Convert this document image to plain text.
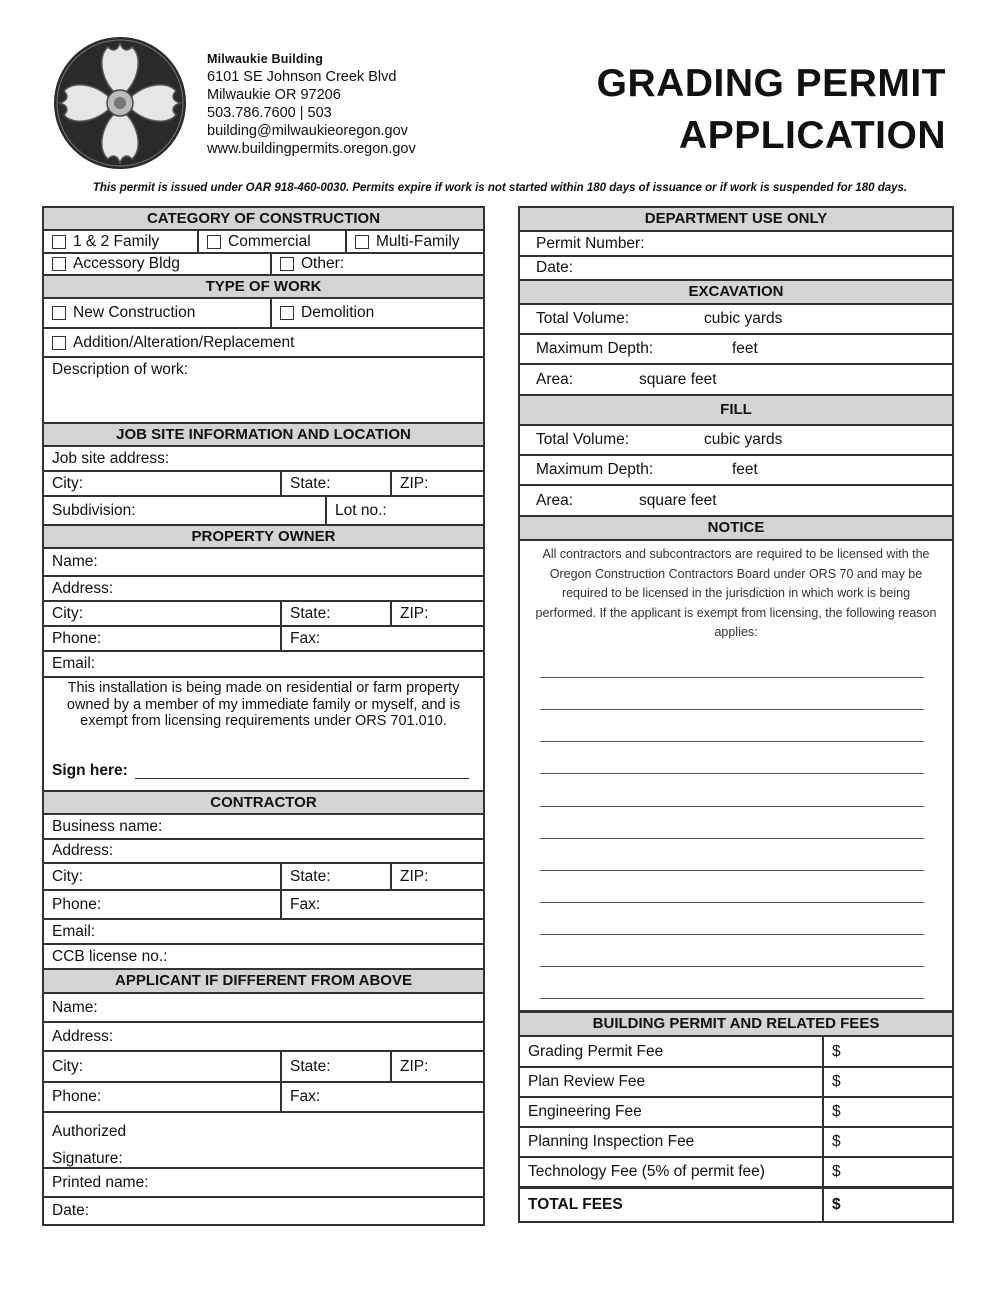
Milwaukie Building
6101 SE Johnson Creek Blvd
Milwaukie OR 97206
503.786.7600 | 503
building@milwaukieoregon.gov
www.buildingpermits.oregon.gov
GRADING PERMIT
APPLICATION
This permit is issued under OAR 918-460-0030. Permits expire if work is not started within 180 days of issuance or if work is suspended for 180 days.
CATEGORY OF CONSTRUCTION
1 & 2 Family	Commercial	Multi-Family
Accessory Bldg	Other:
TYPE OF WORK
New Construction	Demolition
Addition/Alteration/Replacement
Description of work:
JOB SITE INFORMATION AND LOCATION
Job site address:
City:	State:	ZIP:
Subdivision:	Lot no.:
PROPERTY OWNER
Name:
Address:
City:	State:	ZIP:
Phone:	Fax:
Email:
This installation is being made on residential or farm property owned by a member of my immediate family or myself, and is exempt from licensing requirements under ORS 701.010.
Sign here:
CONTRACTOR
Business name:
Address:
City:	State:	ZIP:
Phone:	Fax:
Email:
CCB license no.:
APPLICANT IF DIFFERENT FROM ABOVE
Name:
Address:
City:	State:	ZIP:
Phone:	Fax:
Authorized
Signature:
Printed name:
Date:
DEPARTMENT USE ONLY
Permit Number:
Date:
EXCAVATION
Total Volume:	cubic yards
Maximum Depth:	feet
Area:	square feet
FILL
Total Volume:	cubic yards
Maximum Depth:	feet
Area:	square feet
NOTICE
All contractors and subcontractors are required to be licensed with the Oregon Construction Contractors Board under ORS 70 and may be required to be licensed in the jurisdiction in which work is being performed. If the applicant is exempt from licensing, the following reason applies:
BUILDING PERMIT AND RELATED FEES
Grading Permit Fee	$
Plan Review Fee	$
Engineering Fee	$
Planning Inspection Fee	$
Technology Fee (5% of permit fee)	$
TOTAL FEES	$
